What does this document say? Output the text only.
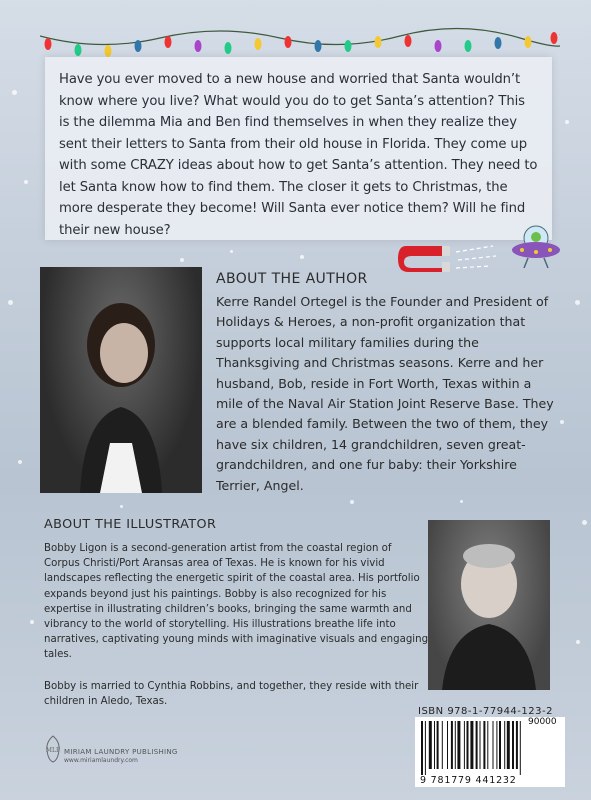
Have you ever moved to a new house and worried that Santa wouldn’t know where you live? What would you do to get Santa’s attention? This is the dilemma Mia and Ben find themselves in when they realize they sent their letters to Santa from their old house in Florida. They come up with some CRAZY ideas about how to get Santa’s attention. They need to let Santa know how to find them. The closer it gets to Christmas, the more desperate they become! Will Santa ever notice them? Will he find their new house?

ABOUT THE AUTHOR

Kerre Randel Ortegel is the Founder and President of Holidays & Heroes, a non-profit organization that supports local military families during the Thanksgiving and Christmas seasons. Kerre and her husband, Bob, reside in Fort Worth, Texas within a mile of the Naval Air Station Joint Reserve Base. They are a blended family. Between the two of them, they have six children, 14 grandchildren, seven great-grandchildren, and one fur baby: their Yorkshire Terrier, Angel.

ABOUT THE ILLUSTRATOR

Bobby Ligon is a second-generation artist from the coastal region of Corpus Christi/Port Aransas area of Texas. He is known for his vivid landscapes reflecting the energetic spirit of the coastal area. His portfolio expands beyond just his paintings. Bobby is also recognized for his expertise in illustrating children’s books, bringing the same warmth and vibrancy to the world of storytelling. His illustrations breathe life into narratives, captivating young minds with imaginative visuals and engaging tales.

Bobby is married to Cynthia Robbins, and together, they reside with their children in Aledo, Texas.

MLP MIRIAM LAUNDRY PUBLISHING

www.miriamlaundry.com

ISBN 978-1-77944-123-2

90000

9 781779 441232
